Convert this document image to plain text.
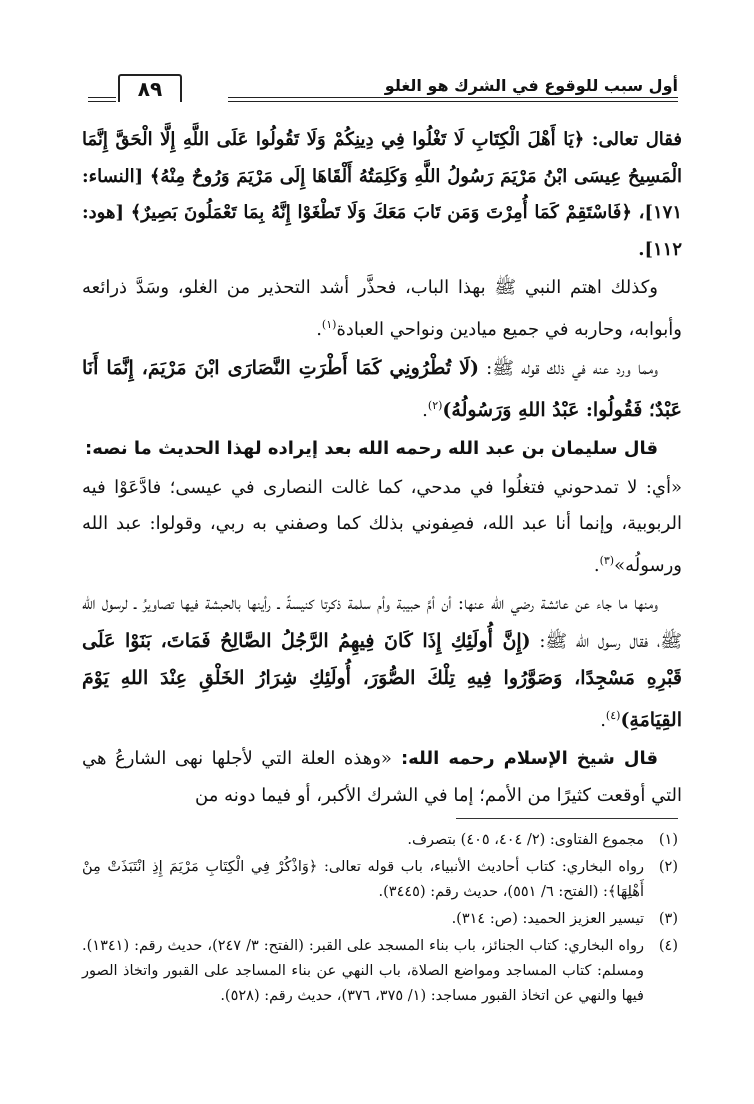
أول سبب للوقوع في الشرك هو الغلو
٨٩

فقال تعالى: ﴿يَا أَهْلَ الْكِتَابِ لَا تَغْلُوا فِي دِينِكُمْ وَلَا تَقُولُوا عَلَى اللَّهِ إِلَّا الْحَقَّ إِنَّمَا الْمَسِيحُ عِيسَى ابْنُ مَرْيَمَ رَسُولُ اللَّهِ وَكَلِمَتُهُ أَلْقَاهَا إِلَى مَرْيَمَ وَرُوحٌ مِنْهُ﴾ [النساء: ١٧١]، ﴿فَاسْتَقِمْ كَمَا أُمِرْتَ وَمَن تَابَ مَعَكَ وَلَا تَطْغَوْا إِنَّهُ بِمَا تَعْمَلُونَ بَصِيرٌ﴾ [هود: ١١٢].

وكذلك اهتم النبي ﷺ بهذا الباب، فحذَّر أشد التحذير من الغلو، وسَدَّ ذرائعه وأبوابه، وحاربه في جميع ميادين ونواحي العبادة$^{(١)}$.

ومما ورد عنه في ذلك قوله ﷺ: (لَا تُطْرُونِي كَمَا أَطْرَتِ النَّصَارَى ابْنَ مَرْيَمَ، إِنَّمَا أَنَا عَبْدٌ؛ فَقُولُوا: عَبْدُ اللهِ وَرَسُولُهُ)$^{(٢)}$.

قال سليمان بن عبد الله رحمه الله بعد إيراده لهذا الحديث ما نصه:

«أي: لا تمدحوني فتغلُوا في مدحي، كما غالت النصارى في عيسى؛ فادَّعَوْا فيه الربوبية، وإنما أنا عبد الله، فصِفوني بذلك كما وصفني به ربي، وقولوا: عبد الله ورسولُه»$^{(٣)}$.

ومنها ما جاء عن عائشة رضي الله عنها: أن أمَّ حبيبة وأم سلمة ذكرتا كنيسةً ـ رأينها بالحبشة فيها تصاويرُ ـ لرسول الله ﷺ، فقال رسول الله ﷺ: (إِنَّ أُولَئِكِ إِذَا كَانَ فِيهِمُ الرَّجُلُ الصَّالِحُ فَمَاتَ، بَنَوْا عَلَى قَبْرِهِ مَسْجِدًا، وَصَوَّرُوا فِيهِ تِلْكَ الصُّوَرَ، أُولَئِكِ شِرَارُ الخَلْقِ عِنْدَ اللهِ يَوْمَ القِيَامَةِ)$^{(٤)}$.

قال شيخ الإسلام رحمه الله: «وهذه العلة التي لأجلها نهى الشارعُ هي التي أوقعت كثيرًا من الأمم؛ إما في الشرك الأكبر، أو فيما دونه من

(١)
مجموع الفتاوى: (٢/ ٤٠٤، ٤٠٥) بتصرف.
(٢)
رواه البخاري: كتاب أحاديث الأنبياء، باب قوله تعالى: ﴿وَاذْكُرْ فِي الْكِتَابِ مَرْيَمَ إِذِ انْتَبَذَتْ مِنْ أَهْلِهَا﴾: (الفتح: ٦/ ٥٥١)، حديث رقم: (٣٤٤٥).
(٣)
تيسير العزيز الحميد: (ص: ٣١٤).
(٤)
رواه البخاري: كتاب الجنائز، باب بناء المسجد على القبر: (الفتح: ٣/ ٢٤٧)، حديث رقم: (١٣٤١). ومسلم: كتاب المساجد ومواضع الصلاة، باب النهي عن بناء المساجد على القبور واتخاذ الصور فيها والنهي عن اتخاذ القبور مساجد: (١/ ٣٧٥، ٣٧٦)، حديث رقم: (٥٢٨).
